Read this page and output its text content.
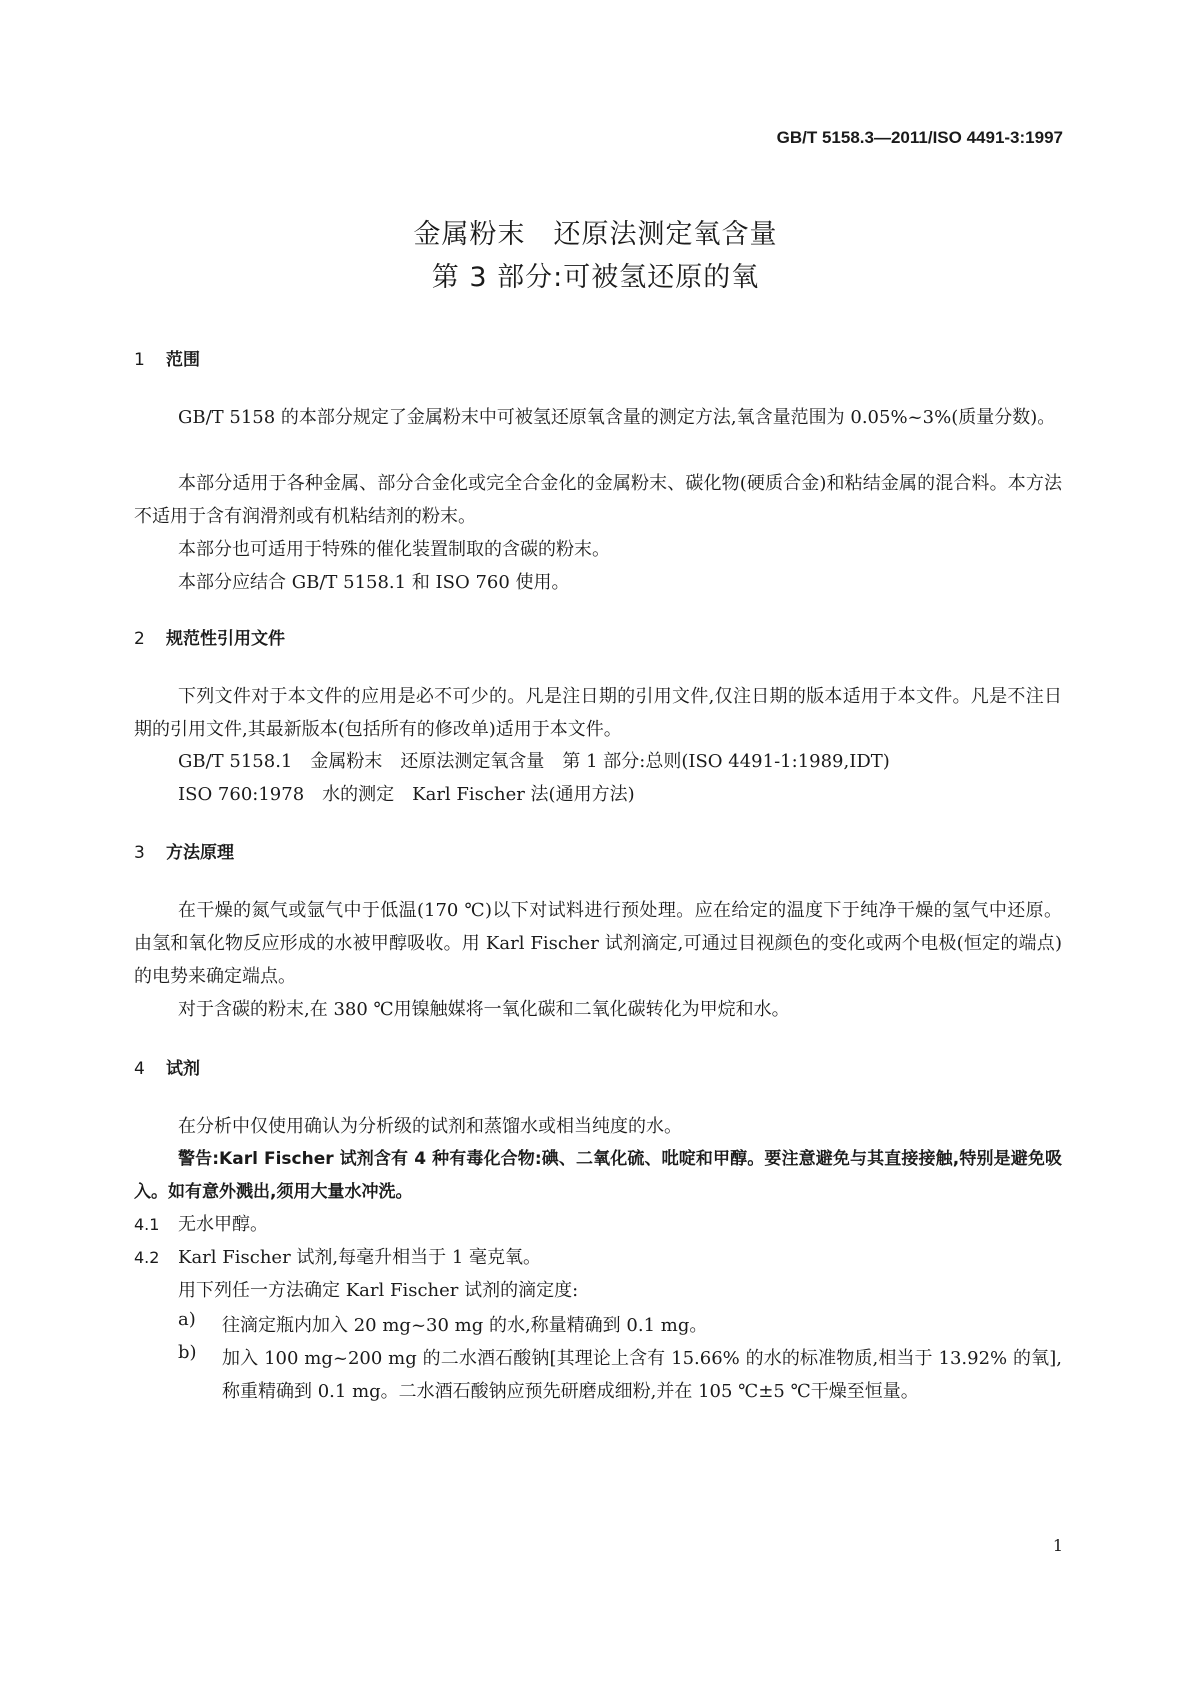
GB/T 5158.3—2011/ISO 4491-3:1997
金属粉末　还原法测定氧含量
第 3 部分:可被氢还原的氧
1 范围
GB/T 5158 的本部分规定了金属粉末中可被氢还原氧含量的测定方法,氧含量范围为 0.05%~3%(质量分数)。
本部分适用于各种金属、部分合金化或完全合金化的金属粉末、碳化物(硬质合金)和粘结金属的混合料。本方法不适用于含有润滑剂或有机粘结剂的粉末。
本部分也可适用于特殊的催化装置制取的含碳的粉末。
本部分应结合 GB/T 5158.1 和 ISO 760 使用。
2 规范性引用文件
下列文件对于本文件的应用是必不可少的。凡是注日期的引用文件,仅注日期的版本适用于本文件。凡是不注日期的引用文件,其最新版本(包括所有的修改单)适用于本文件。
GB/T 5158.1　金属粉末　还原法测定氧含量　第 1 部分:总则(ISO 4491-1:1989,IDT)
ISO 760:1978　水的测定　Karl Fischer 法(通用方法)
3 方法原理
在干燥的氮气或氩气中于低温(170 ℃)以下对试料进行预处理。应在给定的温度下于纯净干燥的氢气中还原。由氢和氧化物反应形成的水被甲醇吸收。用 Karl Fischer 试剂滴定,可通过目视颜色的变化或两个电极(恒定的端点)的电势来确定端点。
对于含碳的粉末,在 380 ℃用镍触媒将一氧化碳和二氧化碳转化为甲烷和水。
4 试剂
在分析中仅使用确认为分析级的试剂和蒸馏水或相当纯度的水。
警告:Karl Fischer 试剂含有 4 种有毒化合物:碘、二氧化硫、吡啶和甲醇。要注意避免与其直接接触,特别是避免吸入。如有意外溅出,须用大量水冲洗。
4.1 无水甲醇。
4.2 Karl Fischer 试剂,每毫升相当于 1 毫克氧。
用下列任一方法确定 Karl Fischer 试剂的滴定度:
a) 往滴定瓶内加入 20 mg~30 mg 的水,称量精确到 0.1 mg。
b) 加入 100 mg~200 mg 的二水酒石酸钠[其理论上含有 15.66% 的水的标准物质,相当于 13.92% 的氧],称重精确到 0.1 mg。二水酒石酸钠应预先研磨成细粉,并在 105 ℃±5 ℃干燥至恒量。
1
